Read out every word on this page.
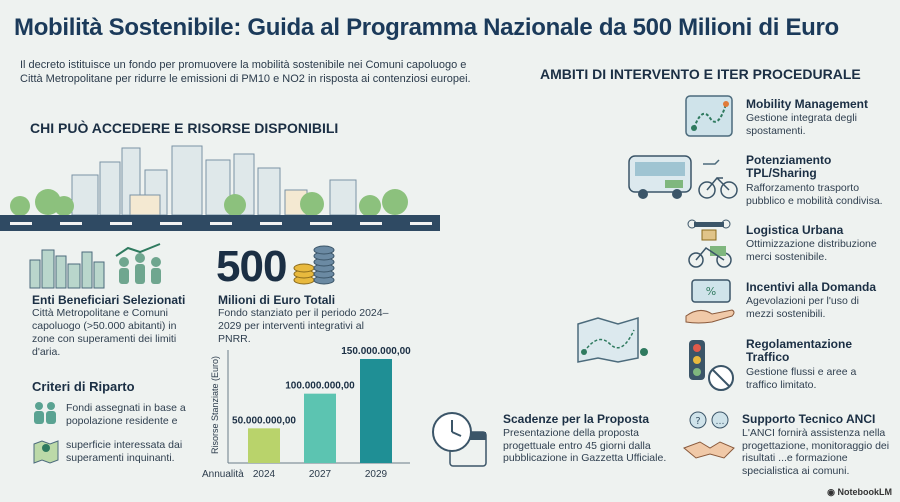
Mobilità Sostenibile: Guida al Programma Nazionale da 500 Milioni di Euro
Il decreto istituisce un fondo per promuovere la mobilità sostenibile nei Comuni capoluogo e Città Metropolitane per ridurre le emissioni di PM10 e NO2 in risposta ai contenziosi europei.
CHI PUÒ ACCEDERE E RISORSE DISPONIBILI
Enti Beneficiari Selezionati
Città Metropolitane e Comuni capoluogo (>50.000 abitanti) in zone con superamenti dei limiti d'aria.
500
Milioni di Euro Totali
Fondo stanziato per il periodo 2024–2029 per interventi integrativi al PNRR.
Criteri di Riparto
Fondi assegnati in base a popolazione residente e
superficie interessata dai superamenti inquinanti.
Risorse Stanziate (Euro)
Annualità
50.000.000,00
2024
100.000.000,00
2027
150.000.000,00
2029
AMBITI DI INTERVENTO E ITER PROCEDURALE
Mobility Management
Gestione integrata degli spostamenti.
Potenziamento TPL/Sharing
Rafforzamento trasporto pubblico e mobilità condivisa.
Logistica Urbana
Ottimizzazione distribuzione merci sostenibile.
% Incentivi alla Domanda
Agevolazioni per l'uso di mezzi sostenibili.
Regolamentazione Traffico
Gestione flussi e aree a traffico limitato.
Scadenze per la Proposta
Presentazione della proposta progettuale entro 45 giorni dalla pubblicazione in Gazzetta Ufficiale.
? … Supporto Tecnico ANCI
L'ANCI fornirà assistenza nella progettazione, monitoraggio dei risultati ...e formazione specialistica ai comuni.
◉ NotebookLM
